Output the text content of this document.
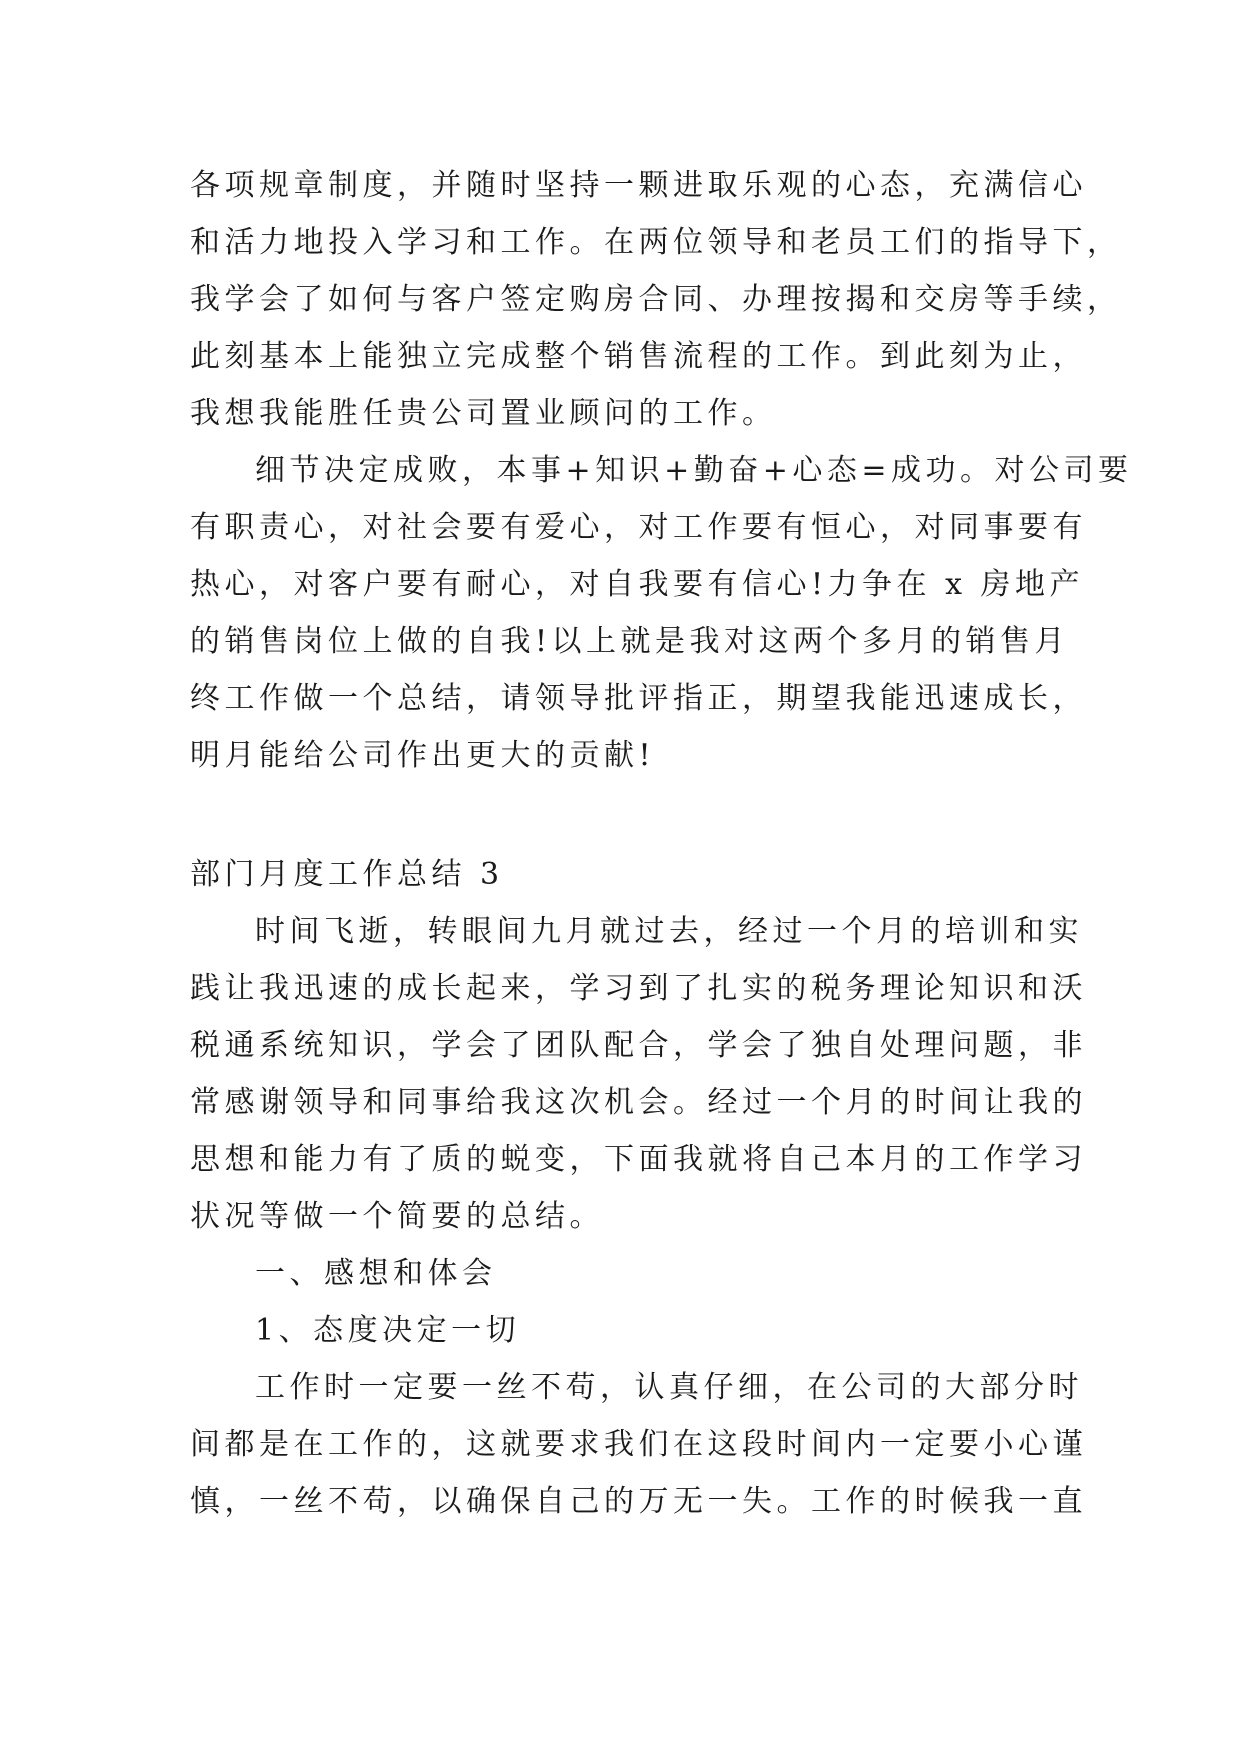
各项规章制度，并随时坚持一颗进取乐观的心态，充满信心
和活力地投入学习和工作。在两位领导和老员工们的指导下，
我学会了如何与客户签定购房合同、办理按揭和交房等手续，
此刻基本上能独立完成整个销售流程的工作。到此刻为止，
我想我能胜任贵公司置业顾问的工作。
细节决定成败，本事+知识+勤奋+心态=成功。对公司要
有职责心，对社会要有爱心，对工作要有恒心，对同事要有
热心，对客户要有耐心，对自我要有信心!力争在 x 房地产
的销售岗位上做的自我!以上就是我对这两个多月的销售月
终工作做一个总结，请领导批评指正，期望我能迅速成长，
明月能给公司作出更大的贡献!
部门月度工作总结 3
时间飞逝，转眼间九月就过去，经过一个月的培训和实
践让我迅速的成长起来，学习到了扎实的税务理论知识和沃
税通系统知识，学会了团队配合，学会了独自处理问题，非
常感谢领导和同事给我这次机会。经过一个月的时间让我的
思想和能力有了质的蜕变，下面我就将自己本月的工作学习
状况等做一个简要的总结。
一、感想和体会
1、态度决定一切
工作时一定要一丝不苟，认真仔细，在公司的大部分时
间都是在工作的，这就要求我们在这段时间内一定要小心谨
慎，一丝不苟，以确保自己的万无一失。工作的时候我一直
